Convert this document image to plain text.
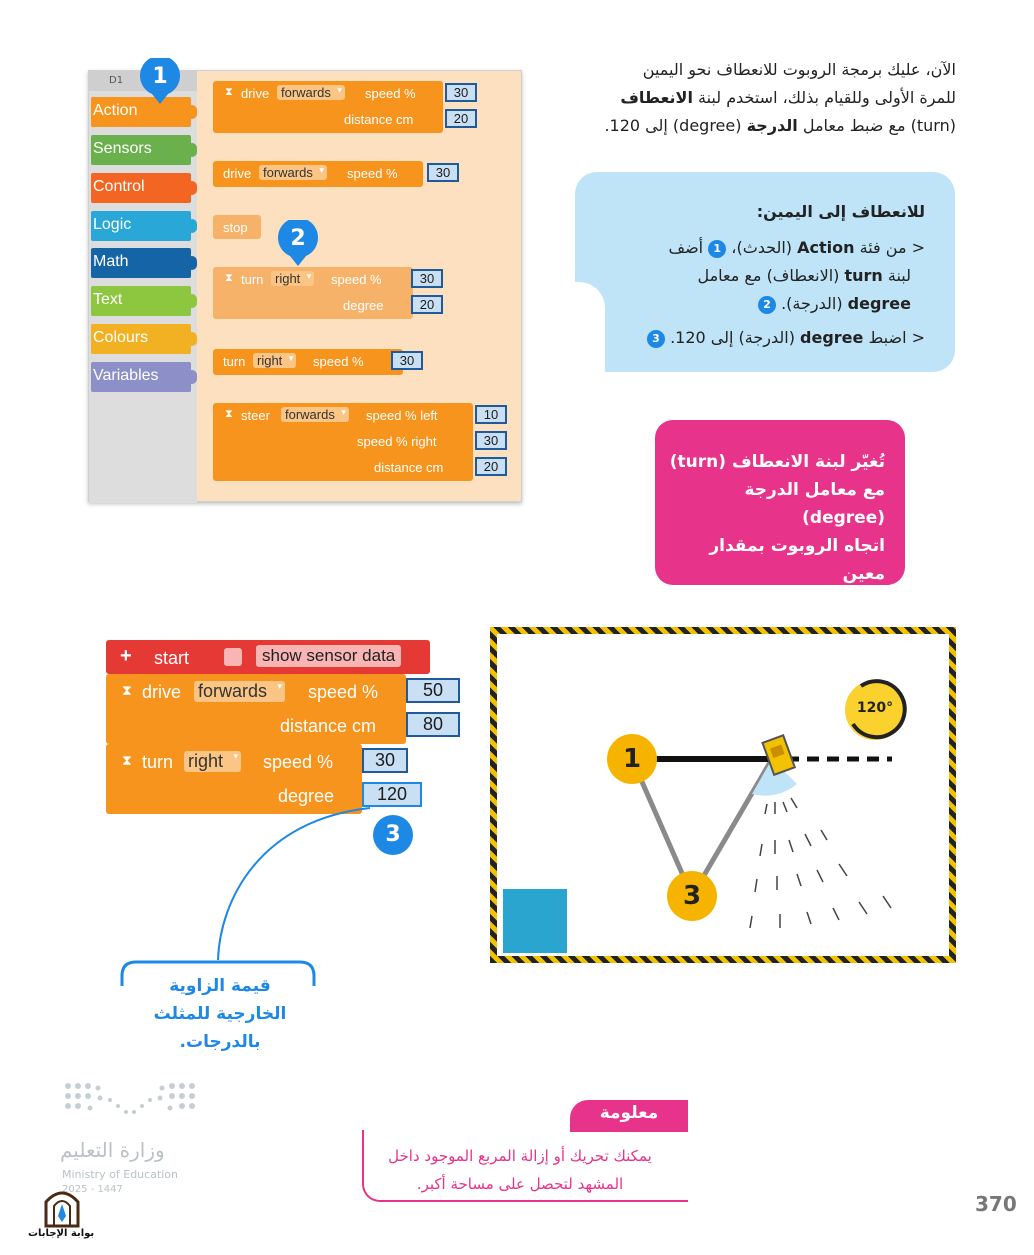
الآن، عليك برمجة الروبوت للانعطاف نحو اليمين
للمرة الأولى وللقيام بذلك، استخدم لبنة الانعطاف
(turn) مع ضبط معامل الدرجة (degree) إلى 120.
للانعطاف إلى اليمين:
< من فئة Action (الحدث)، 1 أضف
لبنة turn (الانعطاف) مع معامل
degree (الدرجة). 2
< اضبط degree (الدرجة) إلى 120. 3
تُغيّر لبنة الانعطاف (turn)
مع معامل الدرجة (degree)
اتجاه الروبوت بمقدار معين
من الدرجات في اتجاه
D1
Action
Sensors
Control
Logic
Math
Text
Colours
Variables
⧗ drive forwards ▾	speed %	30
distance cm	20
drive forwards ▾	speed %	30
stop
⧗ turn right ▾	speed %	30
degree	20
turn right ▾	speed %	30
⧗ steer	forwards ▾	speed % left	10
speed % right	30
distance cm	20
1
2
+ start	show sensor data
⧗ drive forwards ▾	speed %	50
distance cm	80
⧗ turn right ▾	speed %	30
degree	120
3
قيمة الزاوية
الخارجية للمثلث
بالدرجات.
1
3
120°
معلومة
يمكنك تحريك أو إزالة المربع الموجود داخل
المشهد لتحصل على مساحة أكبر.
وزارة التعليم
Ministry of Education
2025 - 1447
بوابة الإجابات
370
